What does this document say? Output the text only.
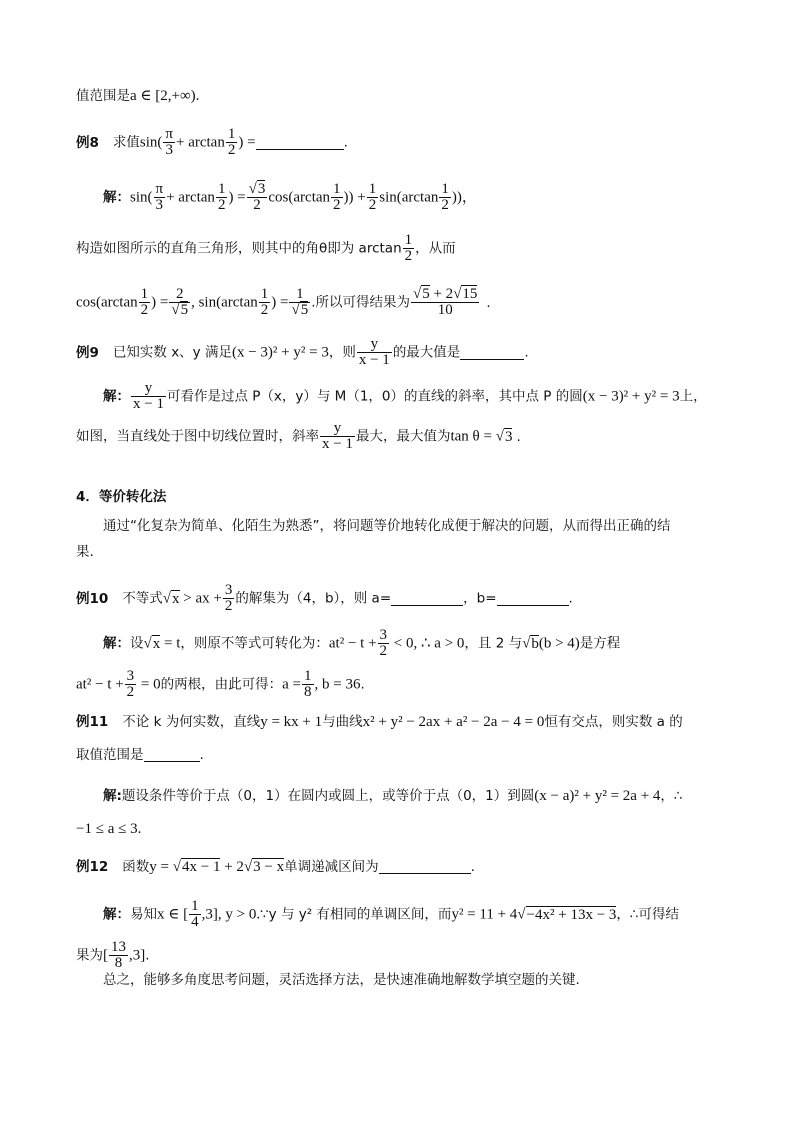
值范围是a ∈ [2,+∞).
例8 求值$\sin( \frac{\pi}{3} + \arctan \frac{1}{2}$ ) =	.
解：$\sin( \frac{\pi}{3} + \arctan \frac{1}{2}$ ) = $\frac{√3}{2} \cos(\arctan \frac{1}{2}$ )) + $\frac{1}{2} \sin(\arctan \frac{1}{2}$ ))，
构造如图所示的直角三角形，则其中的角θ即为 $\arctan \frac{1}{2}$ ，从而
$\cos(\arctan \frac{1}{2}$ ) = $\frac{2}{√5}$ , $\sin(\arctan \frac{1}{2}$ ) = $\frac{1}{√5}$ .所以可得结果为 $\frac{√5 + 2√15}{10}$ .
例9 已知实数 x、y 满足(x − 3)² + y² = 3，则 $\frac{y}{x - 1}$ 的最大值是	.
解： $\frac{y}{x - 1}$ 可看作是过点 P（x，y）与 M（1，0）的直线的斜率，其中点 P 的圆(x − 3)² + y² = 3上，
如图，当直线处于图中切线位置时，斜率 $\frac{y}{x - 1}$ 最大，最大值为tan θ = √3 .
4．等价转化法
通过“化复杂为简单、化陌生为熟悉”，将问题等价地转化成便于解决的问题，从而得出正确的结
果.
例10 不等式√x > ax + $\frac{3}{2}$ 的解集为（4，b），则 a=	，b=	.
解：设√x = t，则原不等式可转化为：$at^2 - t + \frac{3}{2} < 0$, ∴ a > 0，且 2 与√b(b > 4)是方程
$at^2 - t + \frac{3}{2} = 0$的两根，由此可得：$a = \frac{1}{8}$ , b = 36.
例11 不论 k 为何实数，直线y = kx + 1与曲线x² + y² − 2ax + a² − 2a − 4 = 0恒有交点，则实数 a 的
取值范围是	.
解:题设条件等价于点（0，1）在圆内或圆上，或等价于点（0，1）到圆(x − a)² + y² = 2a + 4，∴
−1 ≤ a ≤ 3.
例12 函数y = √4x − 1 + 2√3 − x单调递减区间为	.
解：易知x ∈ [ $\frac{1}{4} ,3$], y > 0.∵y 与 y² 有相同的单调区间，而y² = 11 + 4√−4x² + 13x − 3，∴可得结
果为[ $\frac{13}{8} ,3$].
总之，能够多角度思考问题，灵活选择方法，是快速准确地解数学填空题的关键.
